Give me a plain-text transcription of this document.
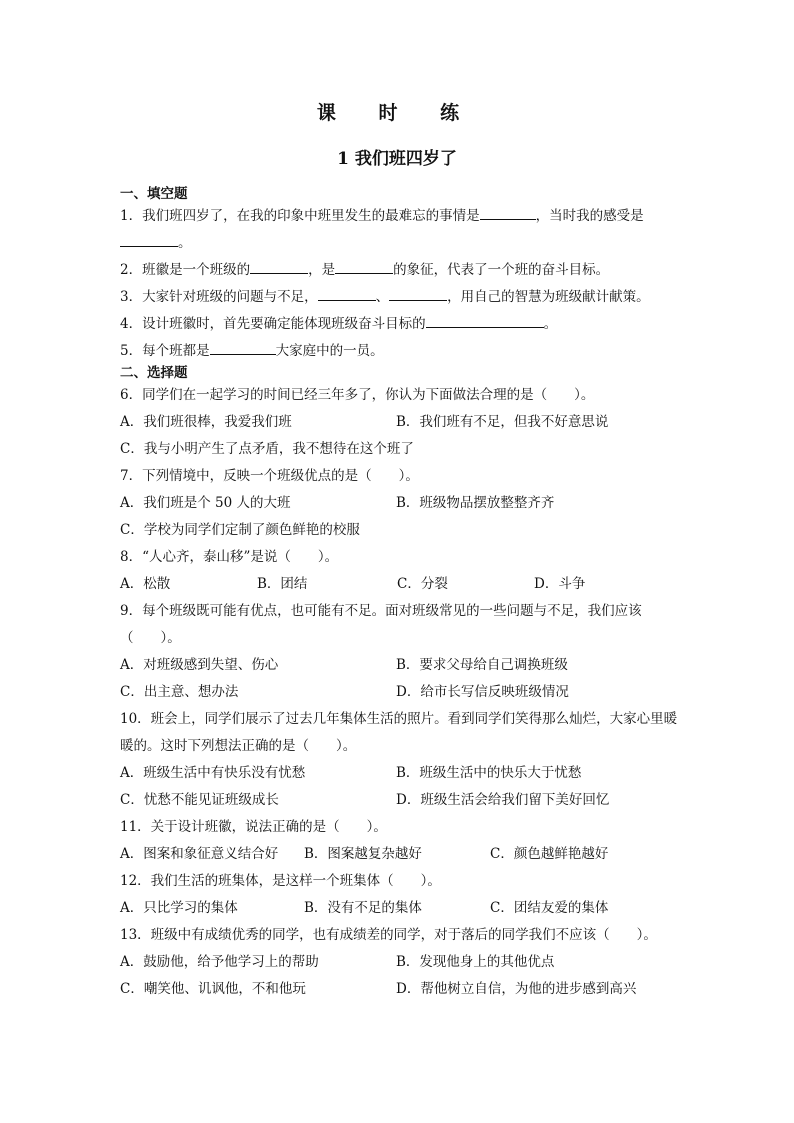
课 时 练
1 我们班四岁了
一、填空题
1．我们班四岁了，在我的印象中班里发生的最难忘的事情是	，当时我的感受是
。
2．班徽是一个班级的	，是	的象征，代表了一个班的奋斗目标。
3．大家针对班级的问题与不足，	、	，用自己的智慧为班级献计献策。
4．设计班徽时，首先要确定能体现班级奋斗目标的	。
5．每个班都是	大家庭中的一员。
二、选择题
6．同学们在一起学习的时间已经三年多了，你认为下面做法合理的是（　　）。
A．我们班很棒，我爱我们班	B．我们班有不足，但我不好意思说
C．我与小明产生了点矛盾，我不想待在这个班了
7．下列情境中，反映一个班级优点的是（　　）。
A．我们班是个 50 人的大班	B．班级物品摆放整整齐齐
C．学校为同学们定制了颜色鲜艳的校服
8．“人心齐，泰山移”是说（　　）。
A．松散	B．团结	C．分裂	D．斗争
9．每个班级既可能有优点，也可能有不足。面对班级常见的一些问题与不足，我们应该（　　）。
A．对班级感到失望、伤心	B．要求父母给自己调换班级
C．出主意、想办法	D．给市长写信反映班级情况
10．班会上，同学们展示了过去几年集体生活的照片。看到同学们笑得那么灿烂，大家心里暖暖的。这时下列想法正确的是（　　）。
A．班级生活中有快乐没有忧愁	B．班级生活中的快乐大于忧愁
C．忧愁不能见证班级成长	D．班级生活会给我们留下美好回忆
11．关于设计班徽，说法正确的是（　　）。
A．图案和象征意义结合好	B．图案越复杂越好	C．颜色越鲜艳越好
12．我们生活的班集体，是这样一个班集体（　　）。
A．只比学习的集体	B．没有不足的集体	C．团结友爱的集体
13．班级中有成绩优秀的同学，也有成绩差的同学，对于落后的同学我们不应该（　　）。
A．鼓励他，给予他学习上的帮助	B．发现他身上的其他优点
C．嘲笑他、讥讽他，不和他玩	D．帮他树立自信，为他的进步感到高兴
